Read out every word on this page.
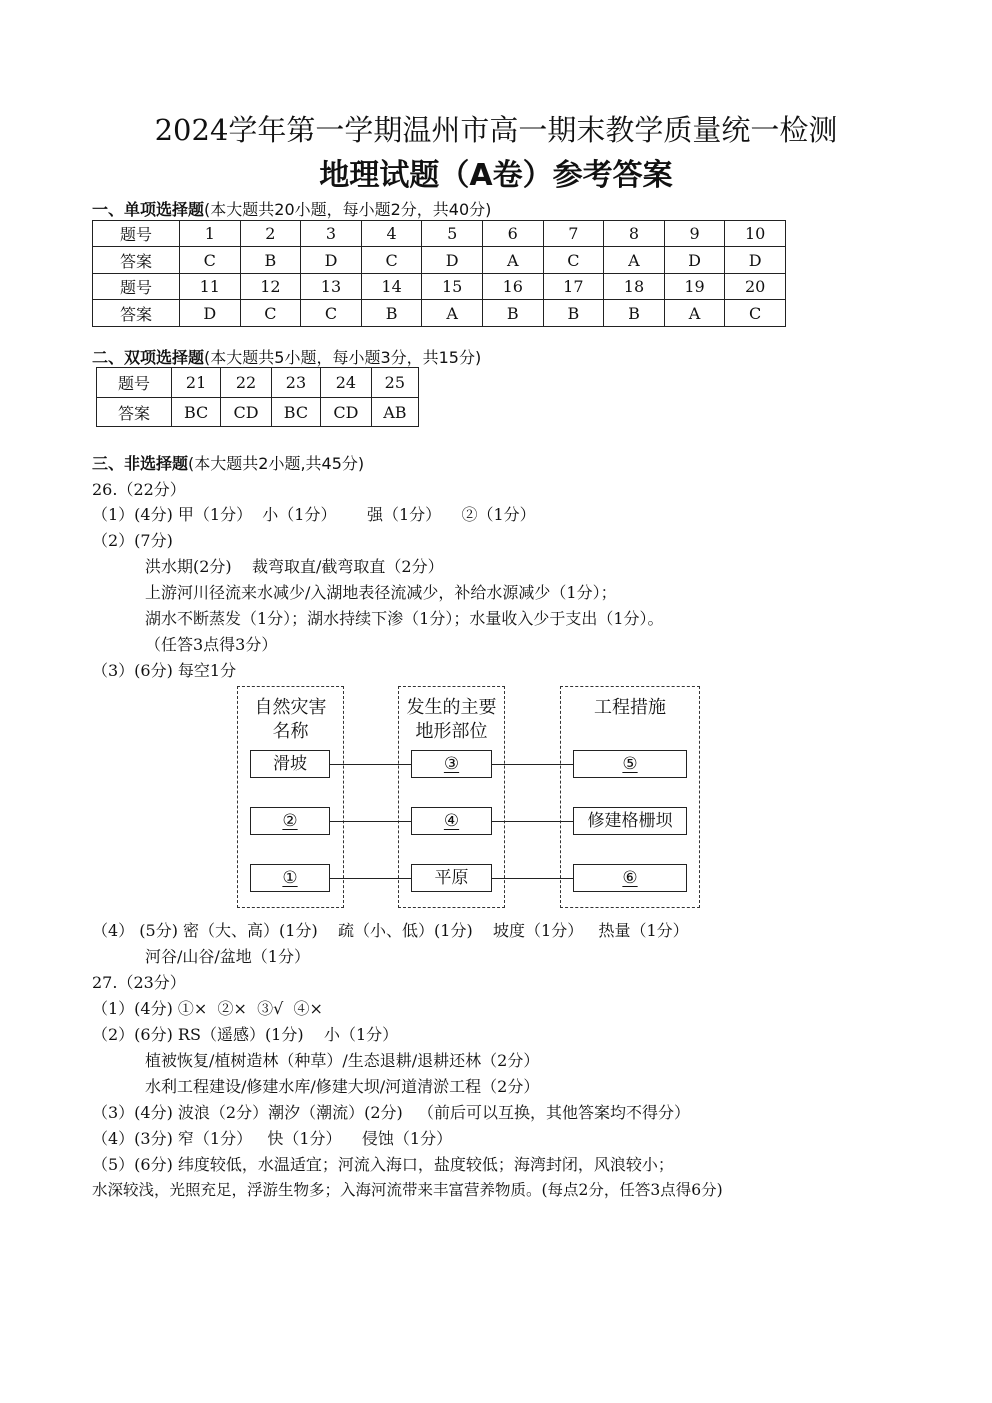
2024学年第一学期温州市高一期末教学质量统一检测
地理试题（A卷）参考答案
一、单项选择题(本大题共20小题，每小题2分，共40分)
题号	1	2	3	4	5	6	7	8	9	10
答案	C	B	D	C	D	A	C	A	D	D
题号	11	12	13	14	15	16	17	18	19	20
答案	D	C	C	B	A	B	B	B	A	C
二、双项选择题(本大题共5小题，每小题3分，共15分)
题号	21	22	23	24	25
答案	BC	CD	BC	CD	AB
三、非选择题(本大题共2小题,共45分)
26.（22分）
（1）(4分) 甲（1分）  小（1分）      强（1分）    ②（1分）
（2）(7分)
洪水期(2分)    裁弯取直/截弯取直（2分）
上游河川径流来水减少/入湖地表径流减少，补给水源减少（1分）；
湖水不断蒸发（1分）；湖水持续下渗（1分）；水量收入少于支出（1分）。
（任答3点得3分）
（3）(6分) 每空1分
自然灾害
名称
发生的主要
地形部位
工程措施
滑坡	③	⑤
②	④	修建格栅坝
①	平原	⑥
（4） (5分) 密（大、高）(1分)    疏（小、低）(1分)    坡度（1分）   热量（1分）
河谷/山谷/盆地（1分）
27.（23分）
（1）(4分) ①×  ②×  ③√  ④×
（2）(6分) RS（遥感）(1分)    小（1分）
植被恢复/植树造林（种草）/生态退耕/退耕还林（2分）
水利工程建设/修建水库/修建大坝/河道清淤工程（2分）
（3）(4分) 波浪（2分）潮汐（潮流）(2分)   （前后可以互换，其他答案均不得分）
（4）(3分) 窄（1分）   快（1分）    侵蚀（1分）
（5）(6分) 纬度较低，水温适宜；河流入海口，盐度较低；海湾封闭，风浪较小；
水深较浅，光照充足，浮游生物多；入海河流带来丰富营养物质。(每点2分，任答3点得6分)
